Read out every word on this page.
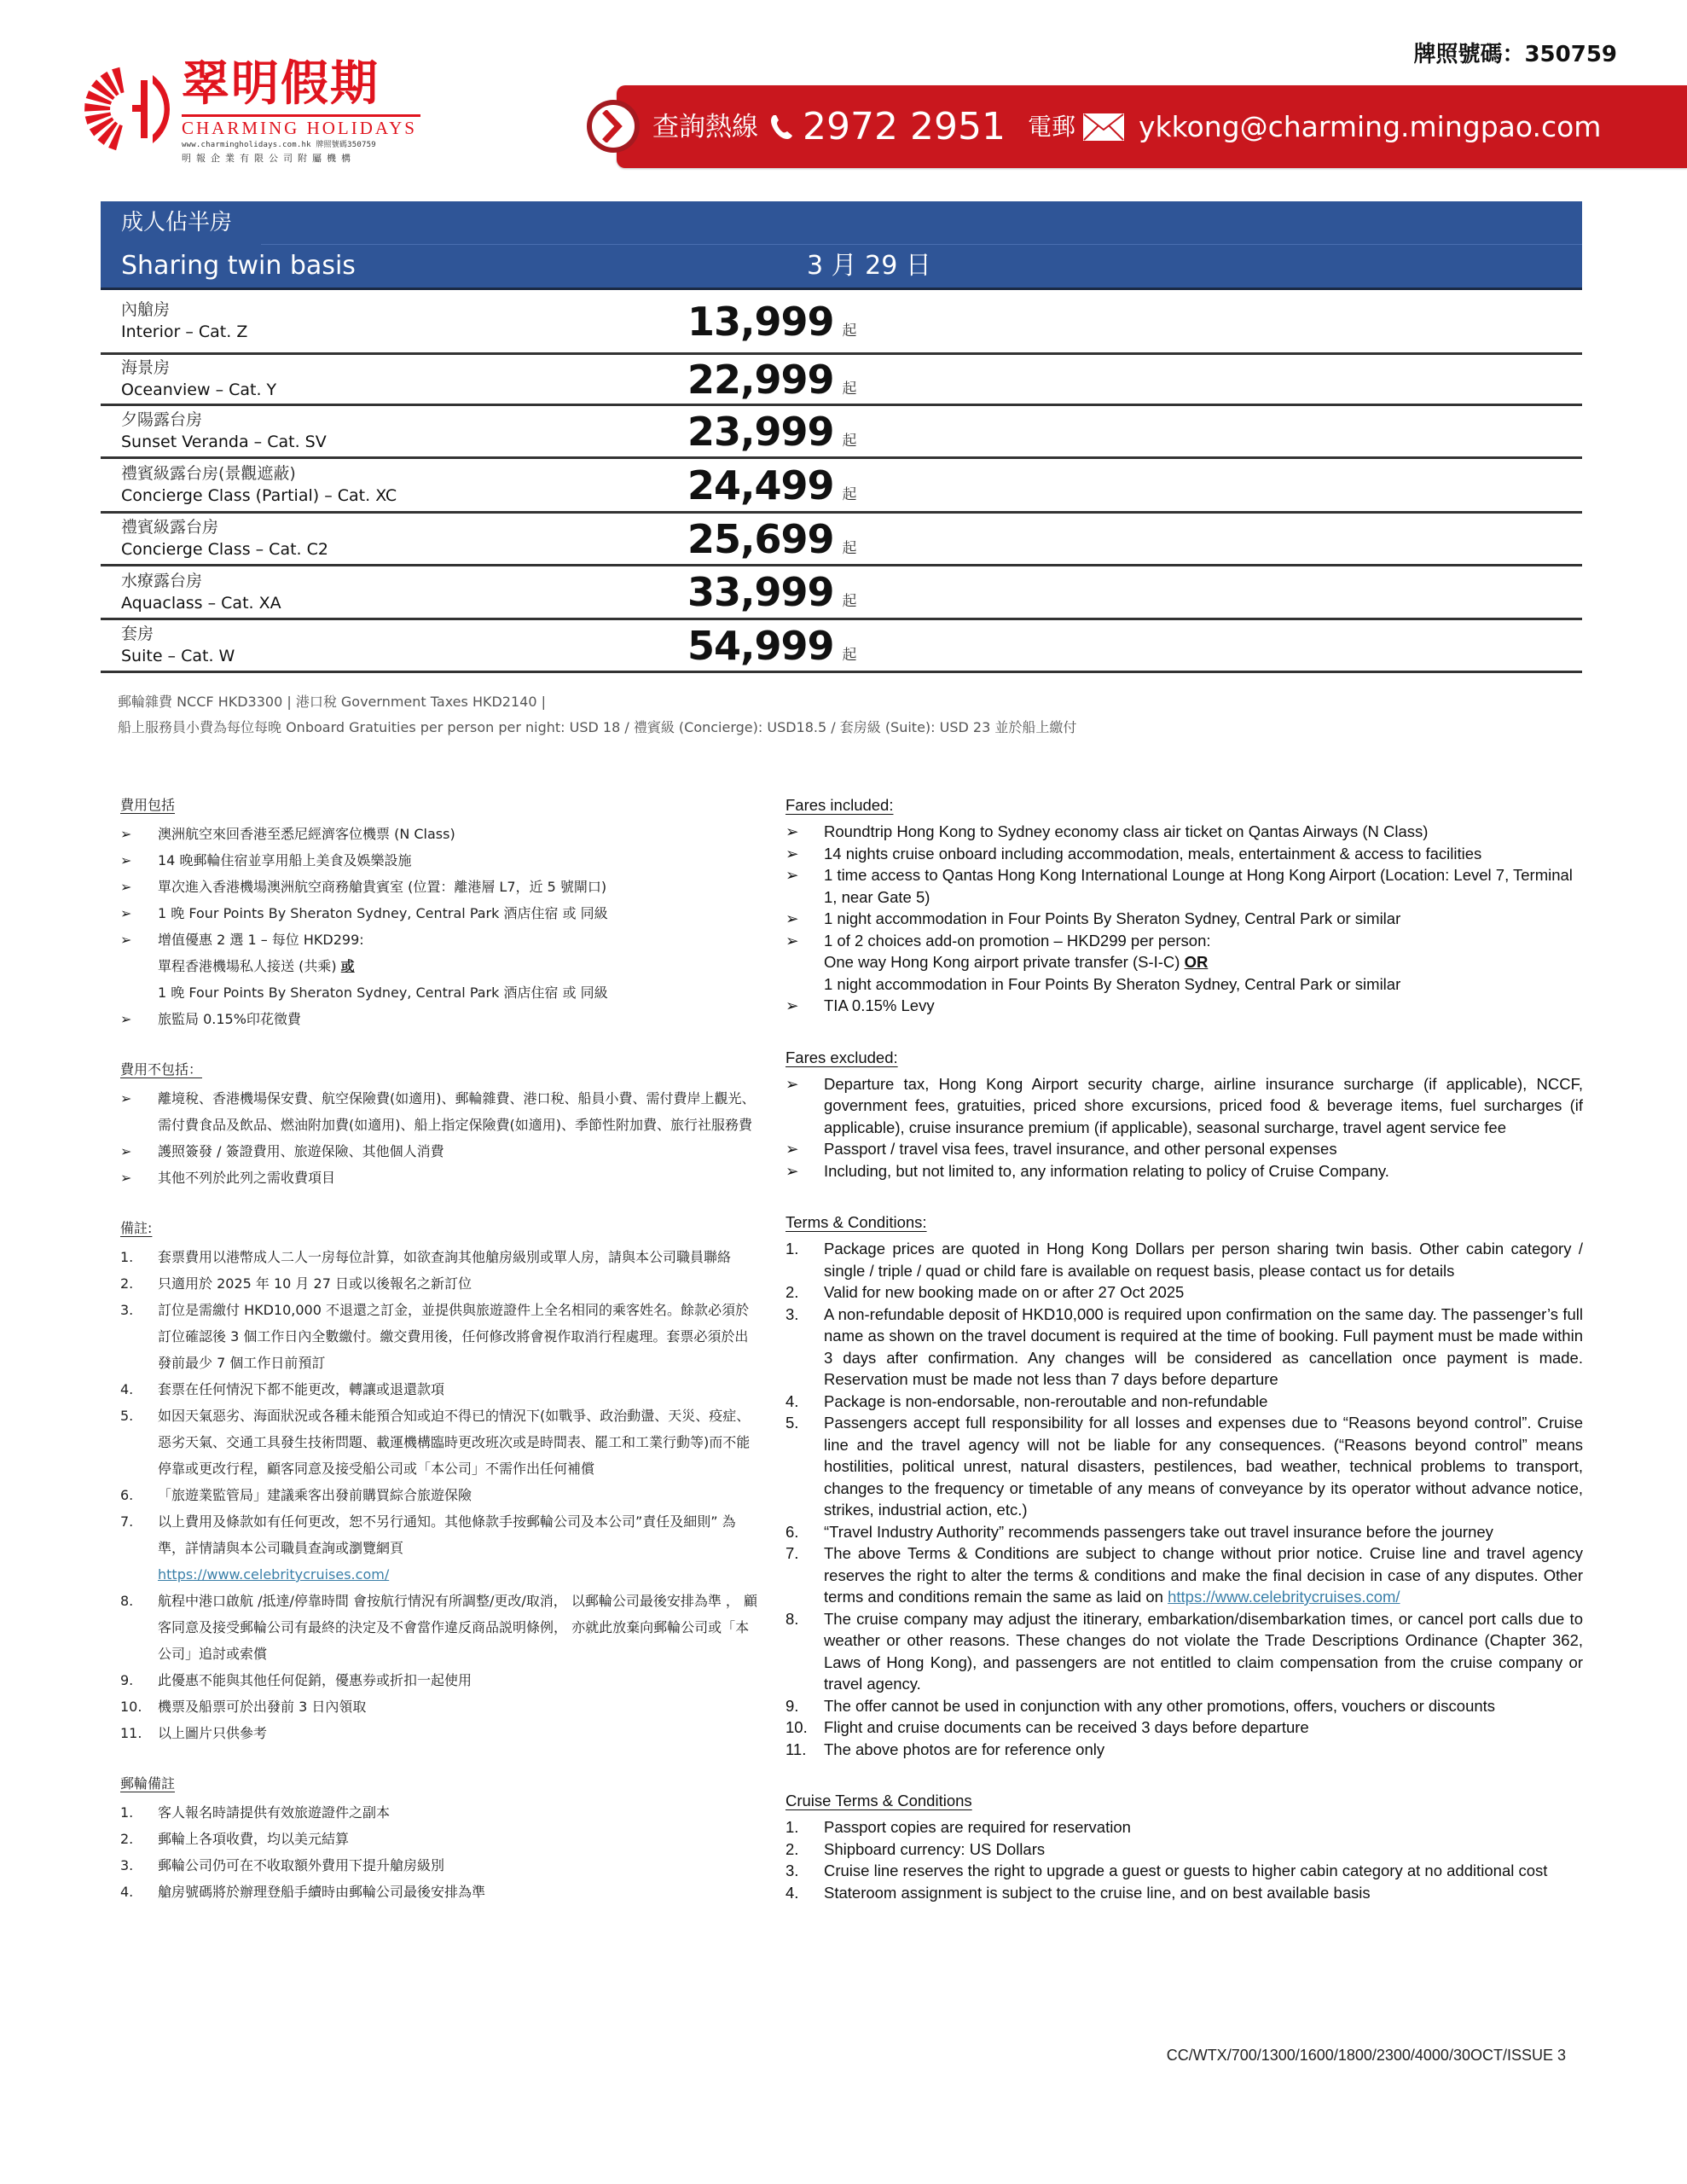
翠明假期
CHARMING HOLIDAYS
www.charmingholidays.com.hk 牌照號碼350759
明報企業有限公司附屬機構
牌照號碼：350759
查詢熱線 2972 2951 電郵 ykkong@charming.mingpao.com
成人佔半房
Sharing twin basis	3 月 29 日
內艙房
Interior – Cat. Z	13,999 起
海景房
Oceanview – Cat. Y	22,999 起
夕陽露台房
Sunset Veranda – Cat. SV	23,999 起
禮賓級露台房(景觀遮蔽)
Concierge Class (Partial) – Cat. XC	24,499 起
禮賓級露台房
Concierge Class – Cat. C2	25,699 起
水療露台房
Aquaclass – Cat. XA	33,999 起
套房
Suite – Cat. W	54,999 起
郵輪雜費 NCCF HKD3300 | 港口稅 Government Taxes HKD2140 |
船上服務員小費為每位每晚 Onboard Gratuities per person per night: USD 18 / 禮賓級 (Concierge): USD18.5 / 套房級 (Suite): USD 23 並於船上繳付
費用包括
➢ 澳洲航空來回香港至悉尼經濟客位機票 (N Class)
➢ 14 晚郵輪住宿並享用船上美食及娛樂設施
➢ 單次進入香港機場澳洲航空商務艙貴賓室 (位置：離港層 L7，近 5 號閘口)
➢ 1 晚 Four Points By Sheraton Sydney, Central Park 酒店住宿 或 同級
➢ 增值優惠 2 選 1 – 每位 HKD299:
單程香港機場私人接送 (共乘) 或
1 晚 Four Points By Sheraton Sydney, Central Park 酒店住宿 或 同級
➢ 旅監局 0.15%印花徵費
費用不包括：
➢ 離境稅、香港機場保安費、航空保險費(如適用)、郵輪雜費、港口稅、船員小費、需付費岸上觀光、需付費食品及飲品、燃油附加費(如適用)、船上指定保險費(如適用)、季節性附加費、旅行社服務費
➢ 護照簽發 / 簽證費用、旅遊保險、其他個人消費
➢ 其他不列於此列之需收費項目
備註:
1. 套票費用以港幣成人二人一房每位計算，如欲查詢其他艙房級別或單人房，請與本公司職員聯絡
2. 只適用於 2025 年 10 月 27 日或以後報名之新訂位
3. 訂位是需繳付 HKD10,000 不退還之訂金，並提供與旅遊證件上全名相同的乘客姓名。餘款必須於訂位確認後 3 個工作日內全數繳付。繳交費用後，任何修改將會視作取消行程處理。套票必須於出發前最少 7 個工作日前預訂
4. 套票在任何情況下都不能更改，轉讓或退還款項
5. 如因天氣惡劣、海面狀況或各種未能預合知或迫不得已的情況下(如戰爭、政治動盪、天災、疫症、惡劣天氣、交通工具發生技術問題、載運機構臨時更改班次或是時間表、罷工和工業行動等)而不能停靠或更改行程，顧客同意及接受船公司或「本公司」不需作出任何補償
6. 「旅遊業監管局」建議乘客出發前購買綜合旅遊保險
7. 以上費用及條款如有任何更改，恕不另行通知。其他條款手按郵輪公司及本公司”責任及細則” 為準，詳情請與本公司職員查詢或瀏覽網頁
https://www.celebritycruises.com/
8. 航程中港口啟航 /抵達/停靠時間 會按航行情況有所調整/更改/取消， 以郵輪公司最後安排為準 ， 顧客同意及接受郵輪公司有最終的決定及不會當作違反商品説明條例， 亦就此放棄向郵輪公司或「本公司」追討或索償
9. 此優惠不能與其他任何促銷，優惠券或折扣一起使用
10. 機票及船票可於出發前 3 日內領取
11. 以上圖片只供參考
郵輪備註
1. 客人報名時請提供有效旅遊證件之副本
2. 郵輪上各項收費，均以美元結算
3. 郵輪公司仍可在不收取額外費用下提升艙房級別
4. 艙房號碼將於辦理登船手續時由郵輪公司最後安排為準
Fares included:
➢ Roundtrip Hong Kong to Sydney economy class air ticket on Qantas Airways (N Class)
➢ 14 nights cruise onboard including accommodation, meals, entertainment & access to facilities
➢ 1 time access to Qantas Hong Kong International Lounge at Hong Kong Airport (Location: Level 7, Terminal 1, near Gate 5)
➢ 1 night accommodation in Four Points By Sheraton Sydney, Central Park or similar
➢ 1 of 2 choices add-on promotion – HKD299 per person:
One way Hong Kong airport private transfer (S-I-C) OR
1 night accommodation in Four Points By Sheraton Sydney, Central Park or similar
➢ TIA 0.15% Levy
Fares excluded:
➢ Departure tax, Hong Kong Airport security charge, airline insurance surcharge (if applicable), NCCF, government fees, gratuities, priced shore excursions, priced food & beverage items, fuel surcharges (if applicable), cruise insurance premium (if applicable), seasonal surcharge, travel agent service fee
➢ Passport / travel visa fees, travel insurance, and other personal expenses
➢ Including, but not limited to, any information relating to policy of Cruise Company.
Terms & Conditions:
1. Package prices are quoted in Hong Kong Dollars per person sharing twin basis. Other cabin category / single / triple / quad or child fare is available on request basis, please contact us for details
2. Valid for new booking made on or after 27 Oct 2025
3. A non-refundable deposit of HKD10,000 is required upon confirmation on the same day. The passenger’s full name as shown on the travel document is required at the time of booking. Full payment must be made within 3 days after confirmation. Any changes will be considered as cancellation once payment is made. Reservation must be made not less than 7 days before departure
4. Package is non-endorsable, non-reroutable and non-refundable
5. Passengers accept full responsibility for all losses and expenses due to “Reasons beyond control”. Cruise line and the travel agency will not be liable for any consequences. (“Reasons beyond control” means hostilities, political unrest, natural disasters, pestilences, bad weather, technical problems to transport, changes to the frequency or timetable of any means of conveyance by its operator without advance notice, strikes, industrial action, etc.)
6. “Travel Industry Authority” recommends passengers take out travel insurance before the journey
7. The above Terms & Conditions are subject to change without prior notice. Cruise line and travel agency reserves the right to alter the terms & conditions and make the final decision in case of any disputes. Other terms and conditions remain the same as laid on https://www.celebritycruises.com/
8. The cruise company may adjust the itinerary, embarkation/disembarkation times, or cancel port calls due to weather or other reasons. These changes do not violate the Trade Descriptions Ordinance (Chapter 362, Laws of Hong Kong), and passengers are not entitled to claim compensation from the cruise company or travel agency.
9. The offer cannot be used in conjunction with any other promotions, offers, vouchers or discounts
10. Flight and cruise documents can be received 3 days before departure
11. The above photos are for reference only
Cruise Terms & Conditions
1. Passport copies are required for reservation
2. Shipboard currency: US Dollars
3. Cruise line reserves the right to upgrade a guest or guests to higher cabin category at no additional cost
4. Stateroom assignment is subject to the cruise line, and on best available basis
CC/WTX/700/1300/1600/1800/2300/4000/30OCT/ISSUE 3
